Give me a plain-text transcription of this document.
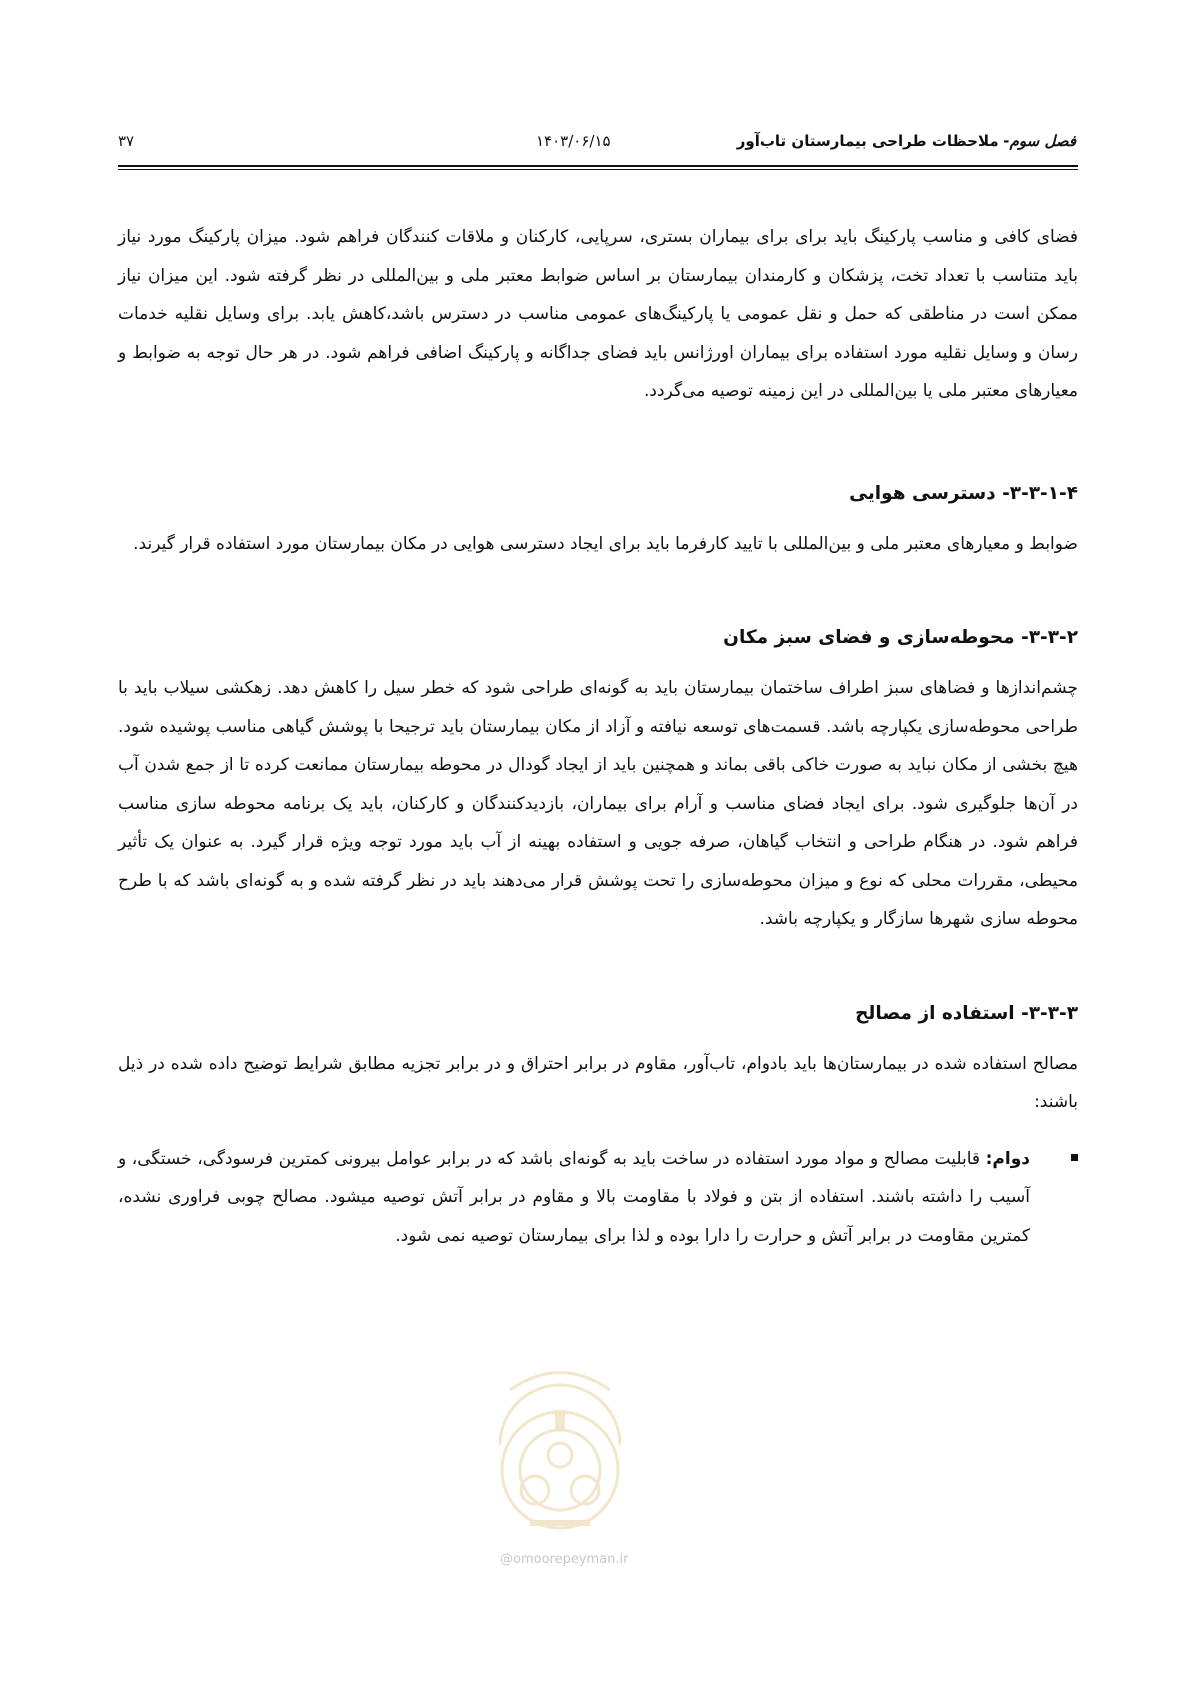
فصل سوم- ملاحظات طراحی بیمارستان تاب‌آور
۱۴۰۳/۰۶/۱۵
۳۷

فضای کافی و مناسب پارکینگ باید برای برای بیماران بستری، سرپایی، کارکنان و ملاقات کنندگان فراهم شود. میزان پارکینگ مورد نیاز باید متناسب با تعداد تخت، پزشکان و کارمندان بیمارستان بر اساس ضوابط معتبر ملی و بین‌المللی در نظر گرفته شود. این میزان نیاز ممکن است در مناطقی که حمل و نقل عمومی یا پارکینگ‌های عمومی مناسب در دسترس باشد،کاهش یابد. برای وسایل نقلیه خدمات رسان و وسایل نقلیه مورد استفاده برای بیماران اورژانس باید فضای جداگانه و پارکینگ اضافی فراهم شود. در هر حال توجه به ضوابط و معیارهای معتبر ملی یا بین‌المللی در این زمینه توصیه می‌گردد.

۳-۳-۱-۴- دسترسی هوایی

ضوابط و معیارهای معتبر ملی و بین‌المللی با تایید کارفرما باید برای ایجاد دسترسی هوایی در مکان بیمارستان مورد استفاده قرار گیرند.

۳-۳-۲- محوطه‌سازی و فضای سبز مکان

چشم‌اندازها و فضاهای سبز اطراف ساختمان بیمارستان باید به گونه‌ای طراحی شود که خطر سیل را کاهش دهد. زهکشی سیلاب باید با طراحی محوطه‌سازی یکپارچه باشد. قسمت‌های توسعه نیافته و آزاد از مکان بیمارستان باید ترجیحا با پوشش گیاهی مناسب پوشیده شود. هیچ بخشی از مکان نباید به صورت خاکی باقی بماند و همچنین باید از ایجاد گودال در محوطه بیمارستان ممانعت کرده تا از جمع شدن آب در آن‌ها جلوگیری شود. برای ایجاد فضای مناسب و آرام برای بیماران، بازدیدکنندگان و کارکنان، باید یک برنامه محوطه سازی مناسب فراهم شود. در هنگام طراحی و انتخاب گیاهان، صرفه جویی و استفاده بهینه از آب باید مورد توجه ویژه قرار گیرد. به عنوان یک تأثیر محیطی، مقررات محلی که نوع و میزان محوطه‌سازی را تحت پوشش قرار می‌دهند باید در نظر گرفته شده و به گونه‌ای باشد که با طرح محوطه سازی شهرها سازگار و یکپارچه باشد.

۳-۳-۳- استفاده از مصالح

مصالح استفاده شده در بیمارستان‌ها باید بادوام، تاب‌آور، مقاوم در برابر احتراق و در برابر تجزیه مطابق شرایط توضیح داده شده در ذیل باشند:

دوام: قابلیت مصالح و مواد مورد استفاده در ساخت باید به گونه‌ای باشد که در برابر عوامل بیرونی کمترین فرسودگی، خستگی، و آسیب را داشته باشند. استفاده از بتن و فولاد با مقاومت بالا و مقاوم در برابر آتش توصیه میشود. مصالح چوبی فراوری نشده، کمترین مقاومت در برابر آتش و حرارت را دارا بوده و لذا برای بیمارستان توصیه نمی شود.
@omoorepeyman.ir
